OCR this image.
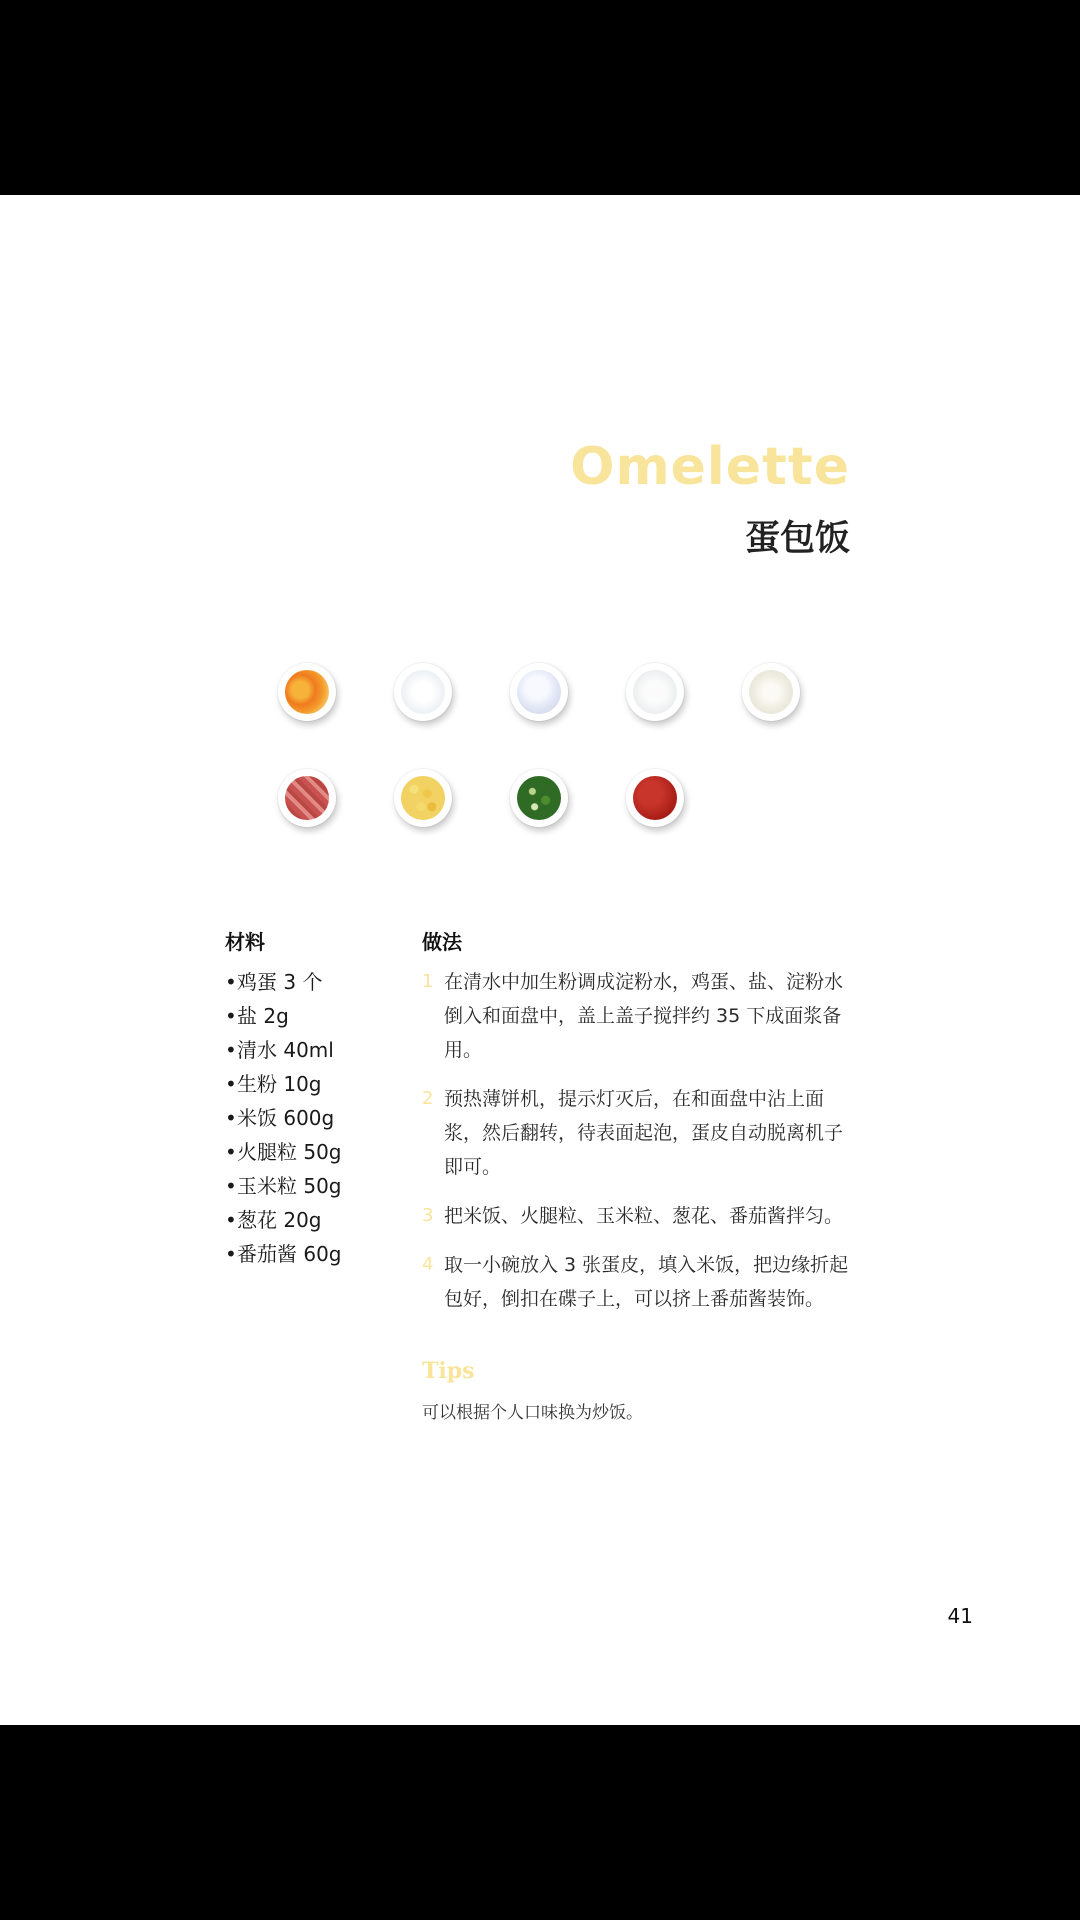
Omelette
蛋包饭
材料
• 鸡蛋 3 个
• 盐 2g
• 清水 40ml
• 生粉 10g
• 米饭 600g
• 火腿粒 50g
• 玉米粒 50g
• 葱花 20g
• 番茄酱 60g
做法
1 在清水中加生粉调成淀粉水，鸡蛋、盐、淀粉水倒入和面盘中，盖上盖子搅拌约 35 下成面浆备用。
2 预热薄饼机，提示灯灭后，在和面盘中沾上面浆，然后翻转，待表面起泡，蛋皮自动脱离机子即可。
3 把米饭、火腿粒、玉米粒、葱花、番茄酱拌匀。
4 取一小碗放入 3 张蛋皮，填入米饭，把边缘折起包好，倒扣在碟子上，可以挤上番茄酱装饰。
Tips

可以根据个人口味换为炒饭。

41
